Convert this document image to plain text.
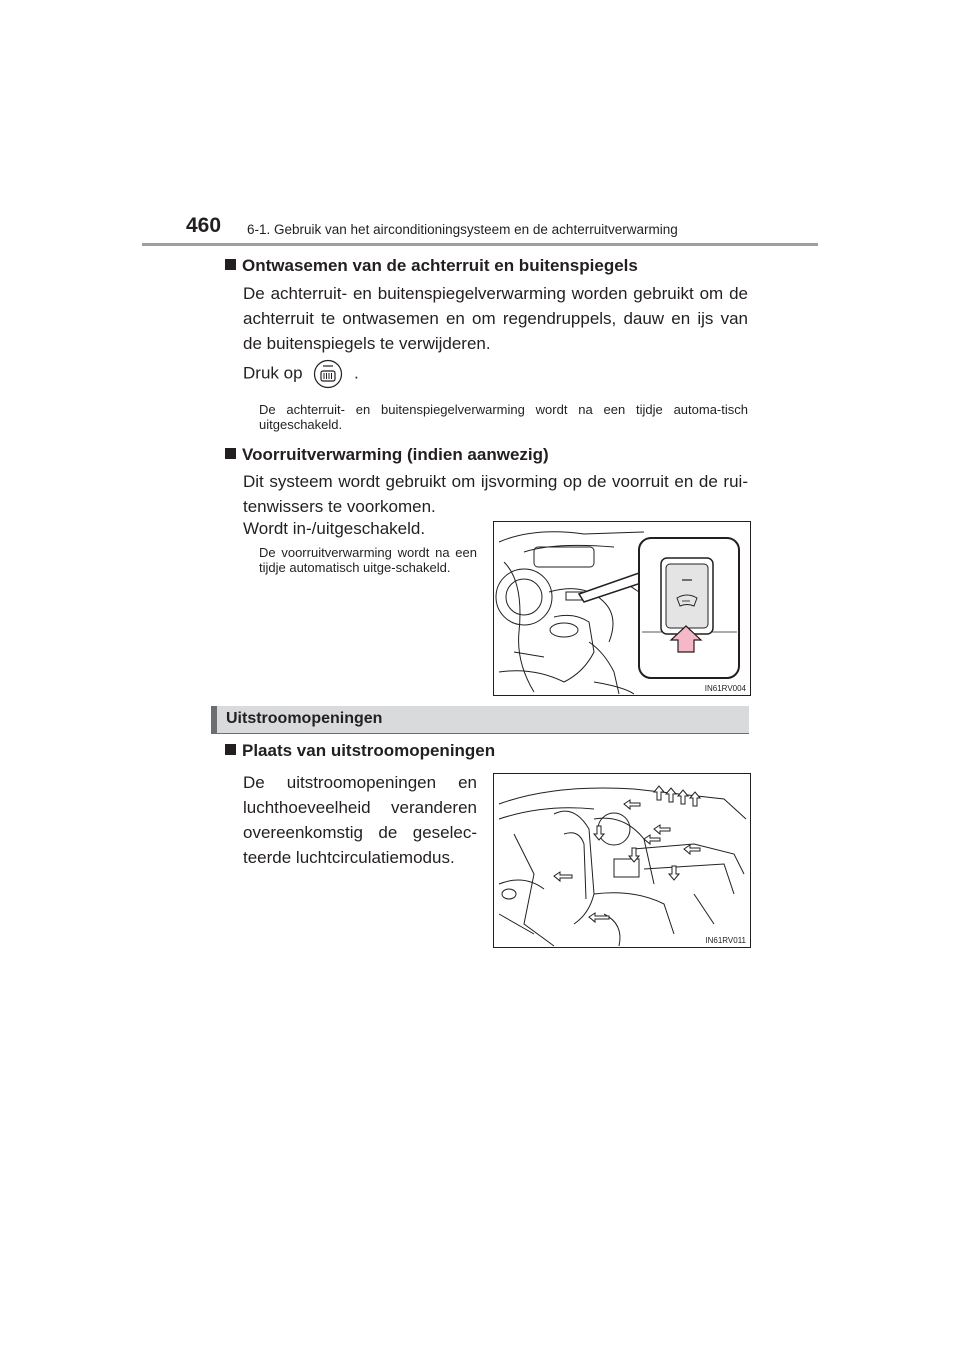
460 6-1. Gebruik van het airconditioningsysteem en de achterruitverwarming
Ontwasemen van de achterruit en buitenspiegels
De achterruit- en buitenspiegelverwarming worden gebruikt om de achterruit te ontwasemen en om regendruppels, dauw en ijs van de buitenspiegels te verwijderen.
Druk op	.
De achterruit- en buitenspiegelverwarming wordt na een tijdje automa-tisch uitgeschakeld.
Voorruitverwarming (indien aanwezig)
Dit systeem wordt gebruikt om ijsvorming op de voorruit en de rui-tenwissers te voorkomen.
Wordt in-/uitgeschakeld.
De voorruitverwarming wordt na een tijdje automatisch uitge-schakeld.
IN61RV004
Uitstroomopeningen
Plaats van uitstroomopeningen
De uitstroomopeningen en luchthoeveelheid veranderen overeenkomstig de geselec-teerde luchtcirculatiemodus.
IN61RV011
